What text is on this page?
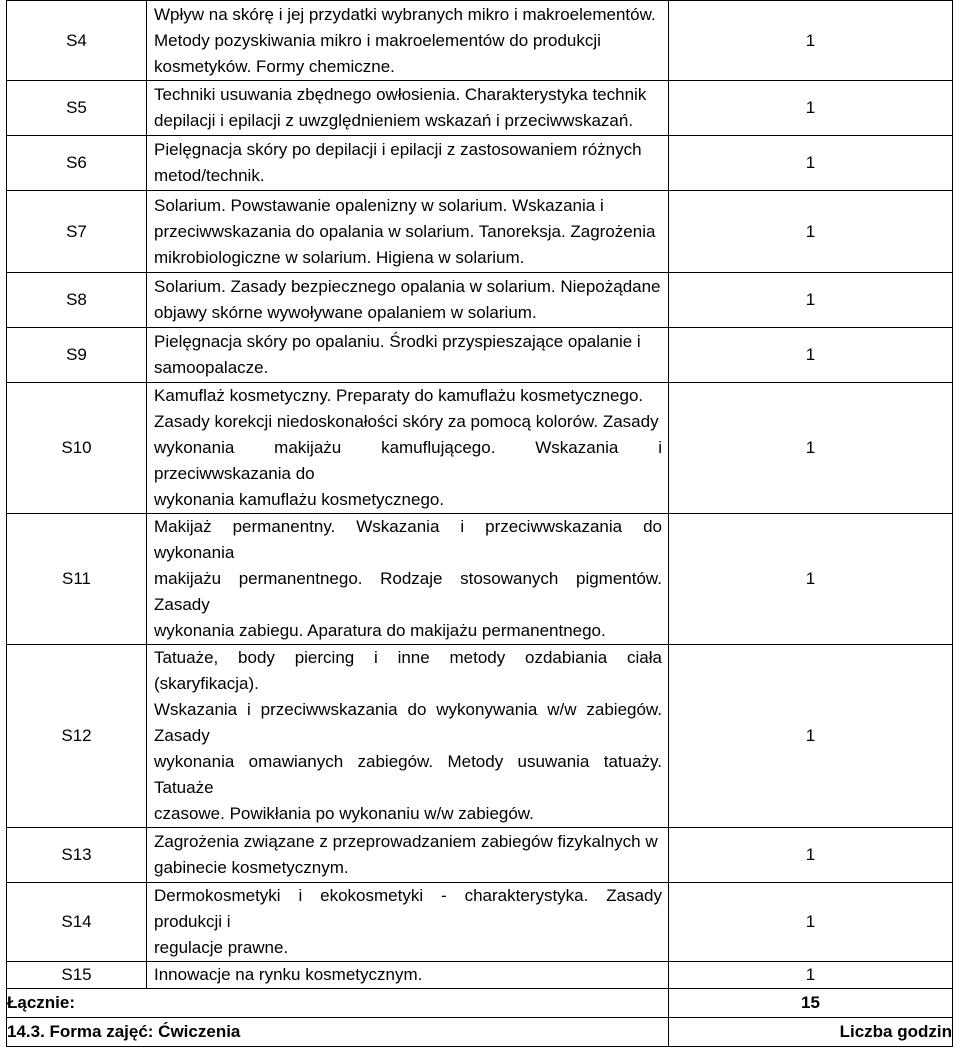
S4	Wpływ na skórę i jej przydatki wybranych mikro i makroelementów.
Metody pozyskiwania mikro i makroelementów do produkcji
kosmetyków. Formy chemiczne.	1
S5	Techniki usuwania zbędnego owłosienia. Charakterystyka technik
depilacji i epilacji z uwzględnieniem wskazań i przeciwwskazań.	1
S6	Pielęgnacja skóry po depilacji i epilacji z zastosowaniem różnych
metod/technik.	1
S7	Solarium. Powstawanie opalenizny w solarium. Wskazania i
przeciwwskazania do opalania w solarium. Tanoreksja. Zagrożenia
mikrobiologiczne w solarium. Higiena w solarium.	1
S8	Solarium. Zasady bezpiecznego opalania w solarium. Niepożądane
objawy skórne wywoływane opalaniem w solarium.	1
S9	Pielęgnacja skóry po opalaniu. Środki przyspieszające opalanie i
samoopalacze.	1
S10	Kamuflaż kosmetyczny. Preparaty do kamuflażu kosmetycznego.
Zasady korekcji niedoskonałości skóry za pomocą kolorów. Zasady
wykonania makijażu kamuflującego. Wskazania i przeciwwskazania do
wykonania kamuflażu kosmetycznego.	1
S11	Makijaż permanentny. Wskazania i przeciwwskazania do wykonania
makijażu permanentnego. Rodzaje stosowanych pigmentów. Zasady
wykonania zabiegu. Aparatura do makijażu permanentnego.	1
S12	Tatuaże, body piercing i inne metody ozdabiania ciała (skaryfikacja).
Wskazania i przeciwwskazania do wykonywania w/w zabiegów. Zasady
wykonania omawianych zabiegów. Metody usuwania tatuaży. Tatuaże
czasowe. Powikłania po wykonaniu w/w zabiegów.	1
S13	Zagrożenia związane z przeprowadzaniem zabiegów fizykalnych w
gabinecie kosmetycznym.	1
S14	Dermokosmetyki i ekokosmetyki - charakterystyka. Zasady produkcji i
regulacje prawne.	1
S15	Innowacje na rynku kosmetycznym.	1
Łącznie:		15
14.3. Forma zajęć: Ćwiczenia		Liczba godzin
